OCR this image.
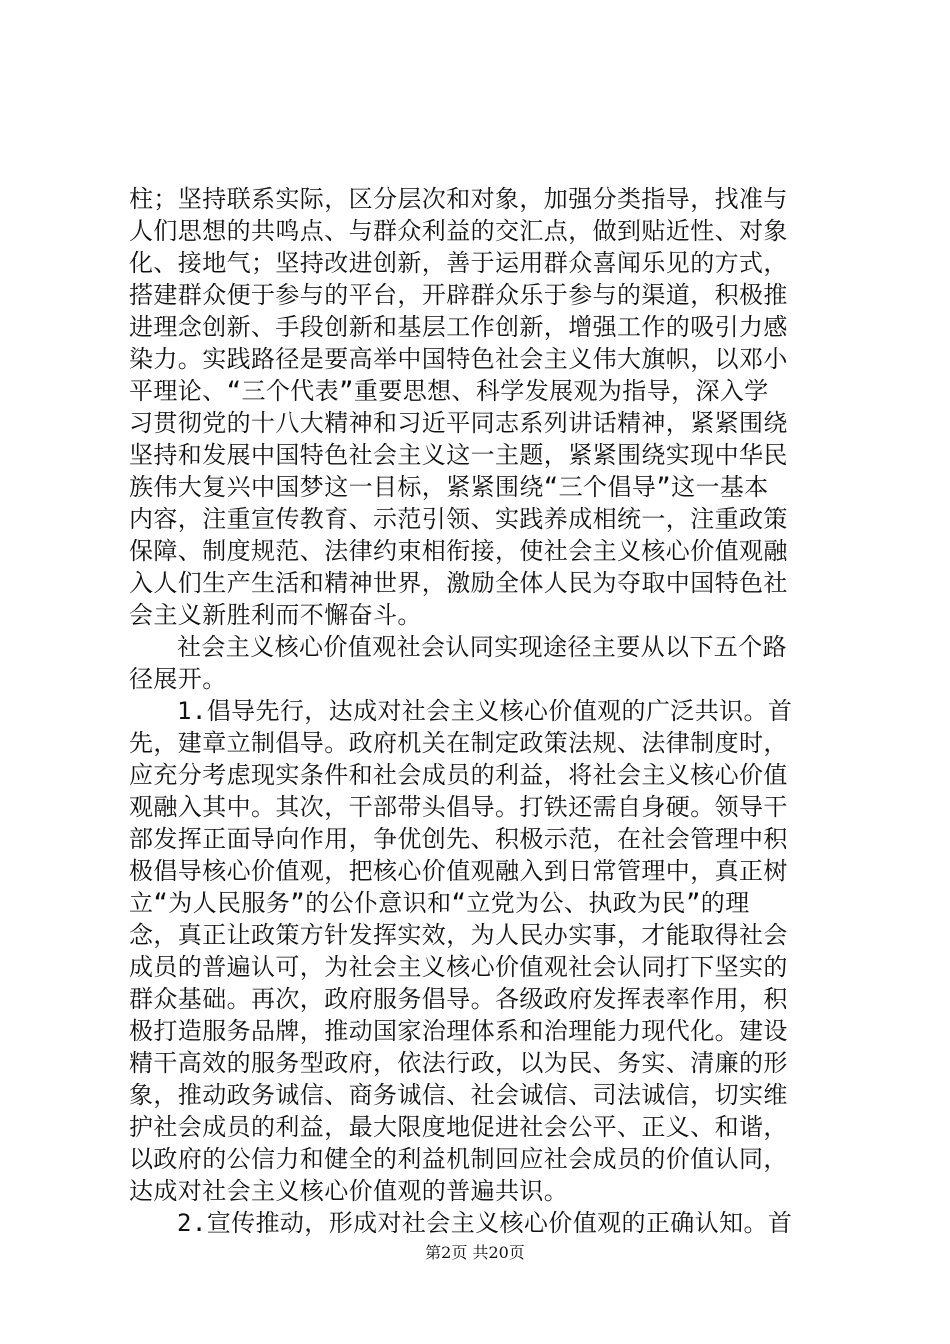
柱；坚持联系实际，区分层次和对象，加强分类指导，找准与
人们思想的共鸣点、与群众利益的交汇点，做到贴近性、对象
化、接地气；坚持改进创新，善于运用群众喜闻乐见的方式，
搭建群众便于参与的平台，开辟群众乐于参与的渠道，积极推
进理念创新、手段创新和基层工作创新，增强工作的吸引力感
染力。实践路径是要高举中国特色社会主义伟大旗帜，以邓小
平理论、“三个代表”重要思想、科学发展观为指导，深入学
习贯彻党的十八大精神和习近平同志系列讲话精神，紧紧围绕
坚持和发展中国特色社会主义这一主题，紧紧围绕实现中华民
族伟大复兴中国梦这一目标，紧紧围绕“三个倡导”这一基本
内容，注重宣传教育、示范引领、实践养成相统一，注重政策
保障、制度规范、法律约束相衔接，使社会主义核心价值观融
入人们生产生活和精神世界，激励全体人民为夺取中国特色社
会主义新胜利而不懈奋斗。
社会主义核心价值观社会认同实现途径主要从以下五个路
径展开。
1.倡导先行，达成对社会主义核心价值观的广泛共识。首
先，建章立制倡导。政府机关在制定政策法规、法律制度时，
应充分考虑现实条件和社会成员的利益，将社会主义核心价值
观融入其中。其次，干部带头倡导。打铁还需自身硬。领导干
部发挥正面导向作用，争优创先、积极示范，在社会管理中积
极倡导核心价值观，把核心价值观融入到日常管理中，真正树
立“为人民服务”的公仆意识和“立党为公、执政为民”的理
念，真正让政策方针发挥实效，为人民办实事，才能取得社会
成员的普遍认可，为社会主义核心价值观社会认同打下坚实的
群众基础。再次，政府服务倡导。各级政府发挥表率作用，积
极打造服务品牌，推动国家治理体系和治理能力现代化。建设
精干高效的服务型政府，依法行政，以为民、务实、清廉的形
象，推动政务诚信、商务诚信、社会诚信、司法诚信，切实维
护社会成员的利益，最大限度地促进社会公平、正义、和谐，
以政府的公信力和健全的利益机制回应社会成员的价值认同，
达成对社会主义核心价值观的普遍共识。
2.宣传推动，形成对社会主义核心价值观的正确认知。首
第2页 共20页
